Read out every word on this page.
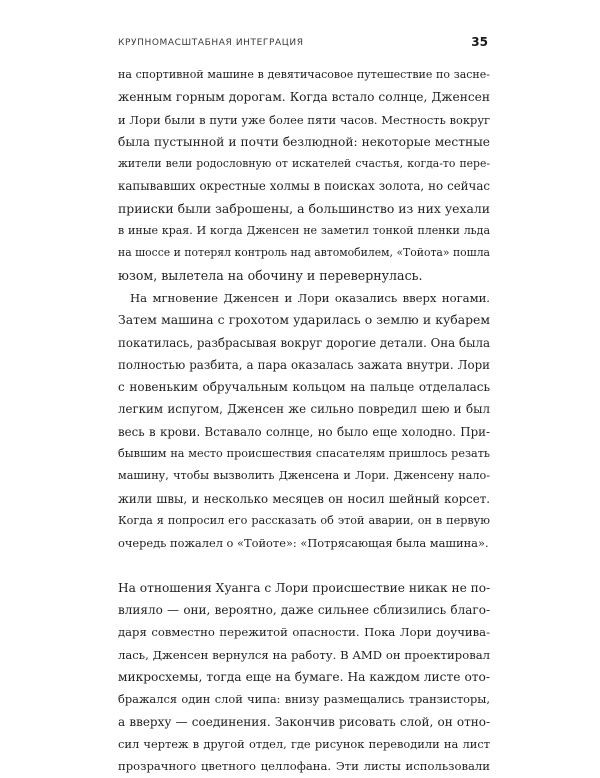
КРУПНОМАСШТАБНАЯ ИНТЕГРАЦИЯ	35
на спортивной машине в девятичасовое путешествие по засне-
женным горным дорогам. Когда встало солнце, Дженсен
и Лори были в пути уже более пяти часов. Местность вокруг
была пустынной и почти безлюдной: некоторые местные
жители вели родословную от искателей счастья, когда-то пере-
капывавших окрестные холмы в поисках золота, но сейчас
прииски были заброшены, а большинство из них уехали
в иные края. И когда Дженсен не заметил тонкой пленки льда
на шоссе и потерял контроль над автомобилем, «Тойота» пошла
юзом, вылетела на обочину и перевернулась.
На мгновение Дженсен и Лори оказались вверх ногами.
Затем машина с грохотом ударилась о землю и кубарем
покатилась, разбрасывая вокруг дорогие детали. Она была
полностью разбита, а пара оказалась зажата внутри. Лори
с новеньким обручальным кольцом на пальце отделалась
легким испугом, Дженсен же сильно повредил шею и был
весь в крови. Вставало солнце, но было еще холодно. При-
бывшим на место происшествия спасателям пришлось резать
машину, чтобы вызволить Дженсена и Лори. Дженсену нало-
жили швы, и несколько месяцев он носил шейный корсет.
Когда я попросил его рассказать об этой аварии, он в первую
очередь пожалел о «Тойоте»: «Потрясающая была машина».
На отношения Хуанга с Лори происшествие никак не по-
влияло — они, вероятно, даже сильнее сблизились благо-
даря совместно пережитой опасности. Пока Лори доучива-
лась, Дженсен вернулся на работу. В AMD он проектировал
микросхемы, тогда еще на бумаге. На каждом листе ото-
бражался один слой чипа: внизу размещались транзисторы,
а вверху — соединения. Закончив рисовать слой, он отно-
сил чертеж в другой отдел, где рисунок переводили на лист
прозрачного цветного целлофана. Эти листы использовали
